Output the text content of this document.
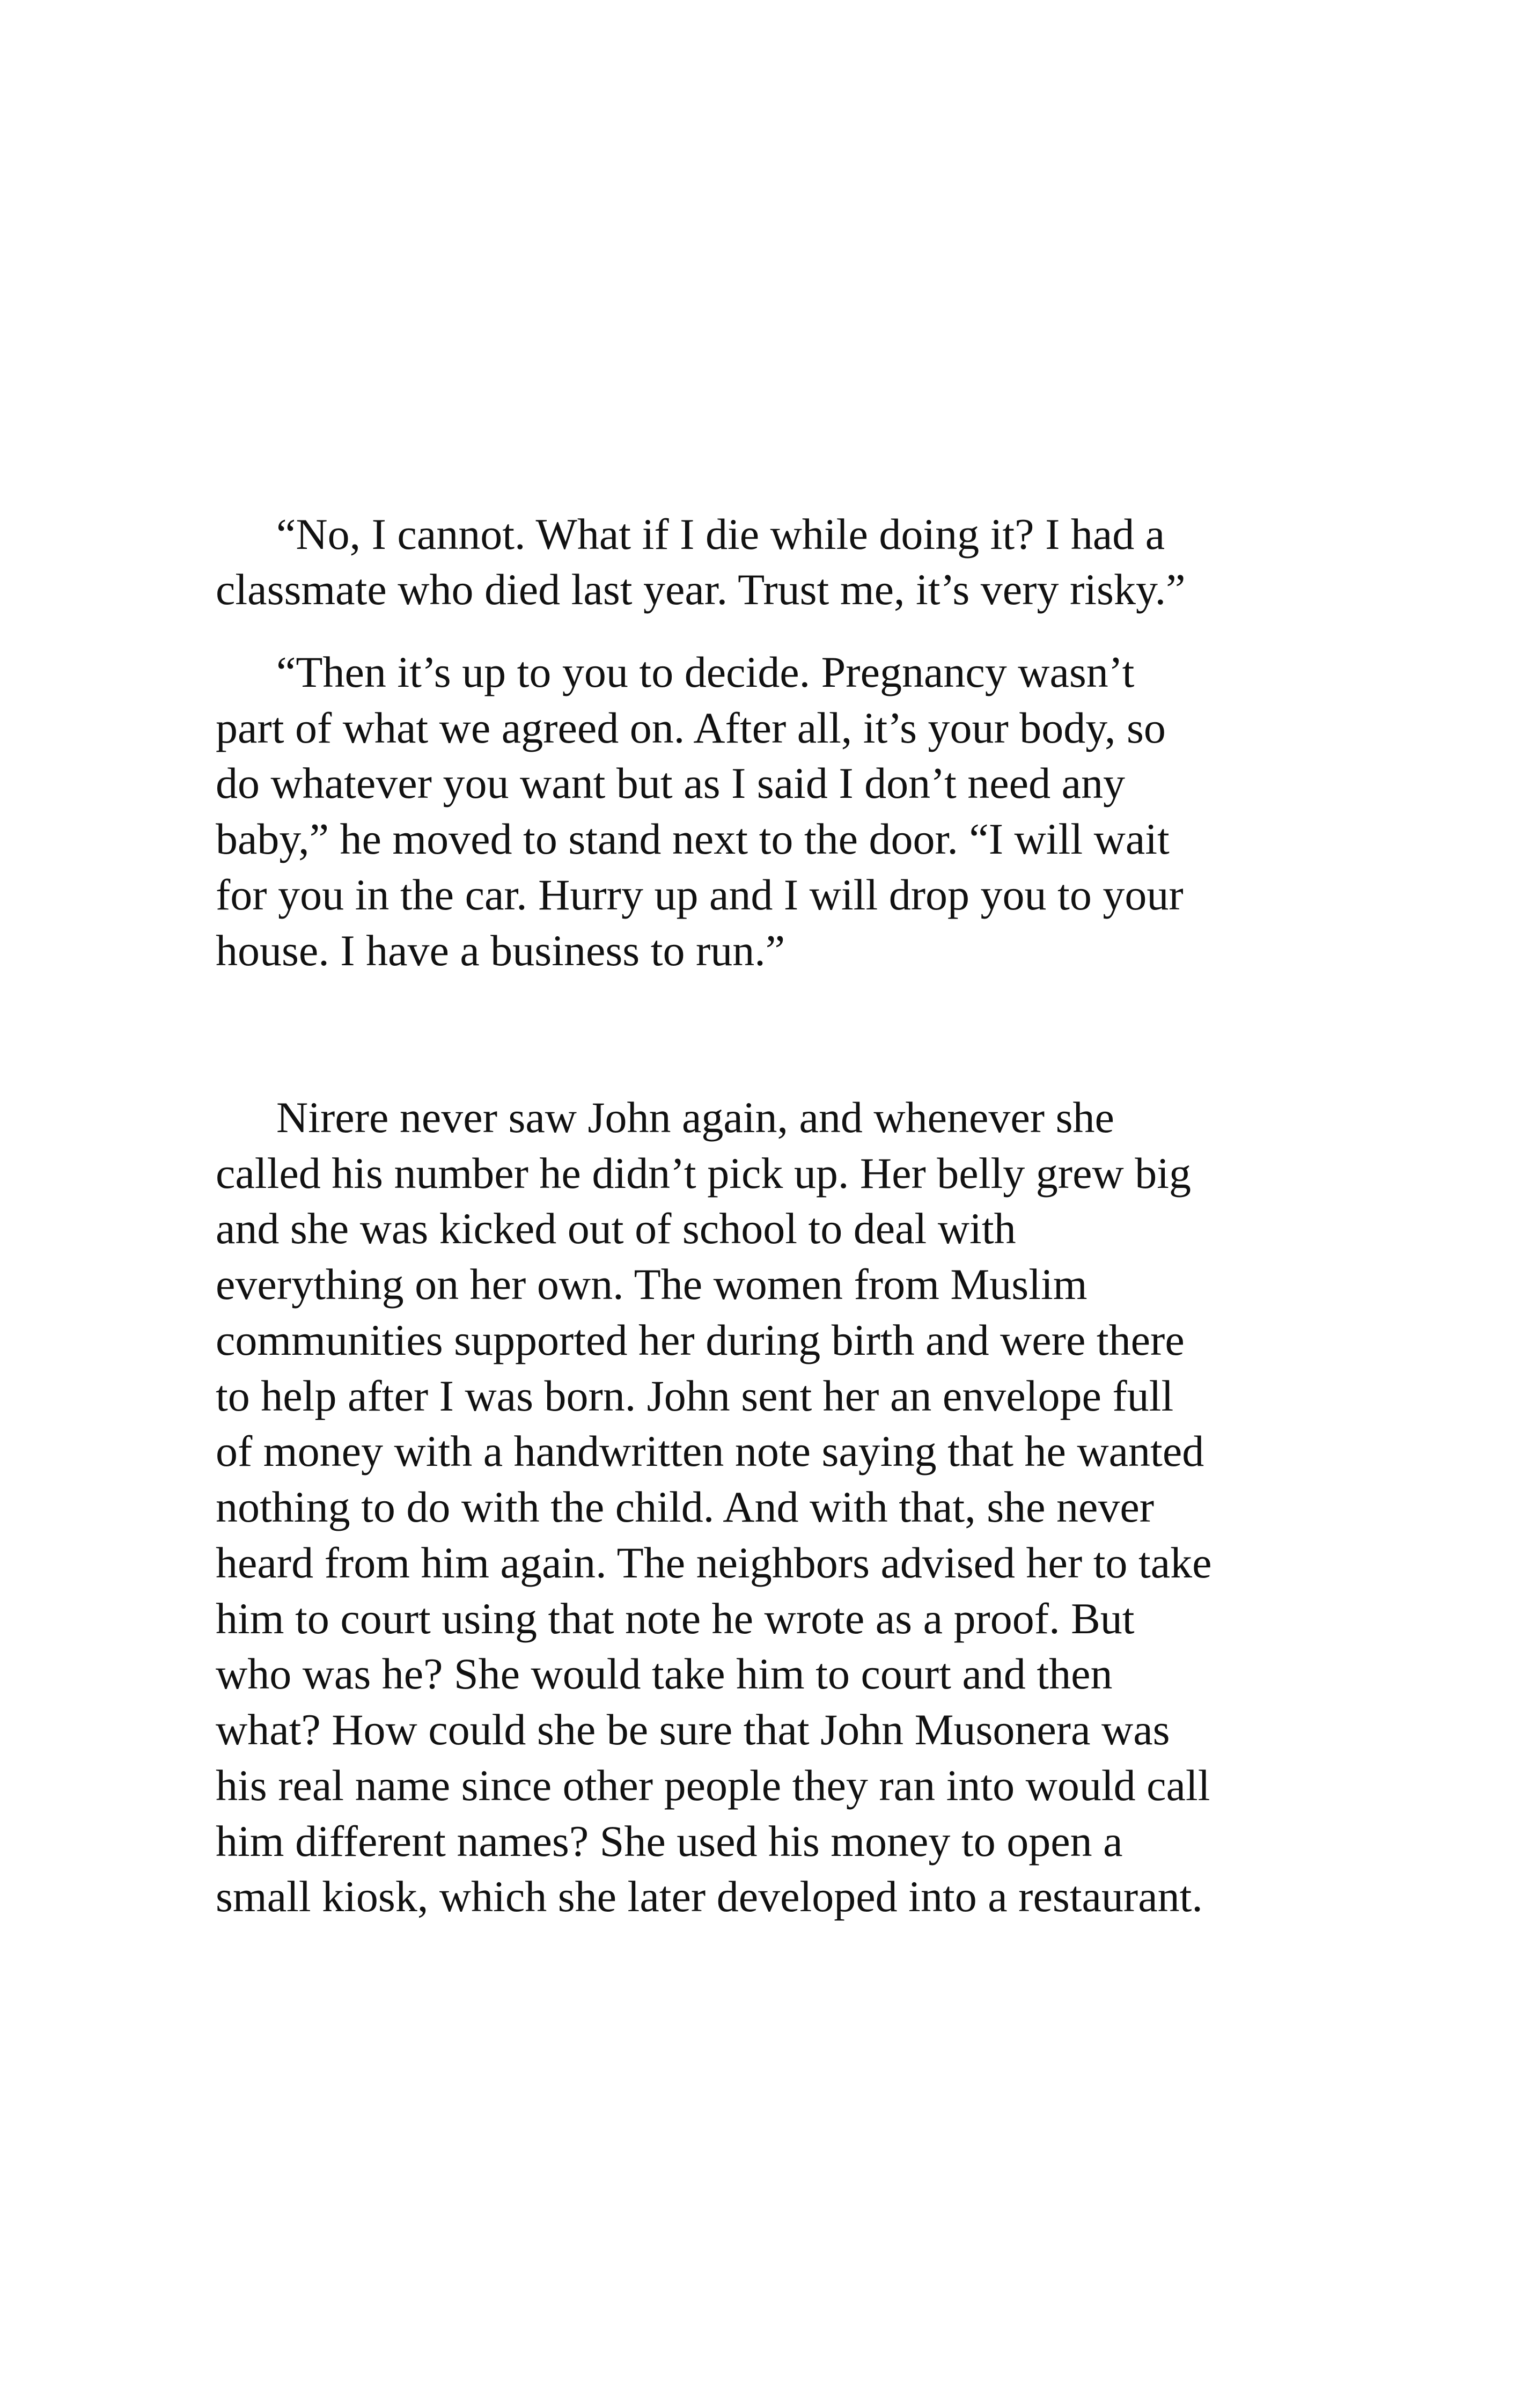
“No, I cannot. What if I die while doing it? I had a
classmate who died last year. Trust me, it’s very risky.”
“Then it’s up to you to decide. Pregnancy wasn’t
part of what we agreed on. After all, it’s your body, so
do whatever you want but as I said I don’t need any
baby,” he moved to stand next to the door. “I will wait
for you in the car. Hurry up and I will drop you to your
house. I have a business to run.”
Nirere never saw John again, and whenever she
called his number he didn’t pick up. Her belly grew big
and she was kicked out of school to deal with
everything on her own. The women from Muslim
communities supported her during birth and were there
to help after I was born. John sent her an envelope full
of money with a handwritten note saying that he wanted
nothing to do with the child. And with that, she never
heard from him again. The neighbors advised her to take
him to court using that note he wrote as a proof. But
who was he? She would take him to court and then
what? How could she be sure that John Musonera was
his real name since other people they ran into would call
him different names? She used his money to open a
small kiosk, which she later developed into a restaurant.
